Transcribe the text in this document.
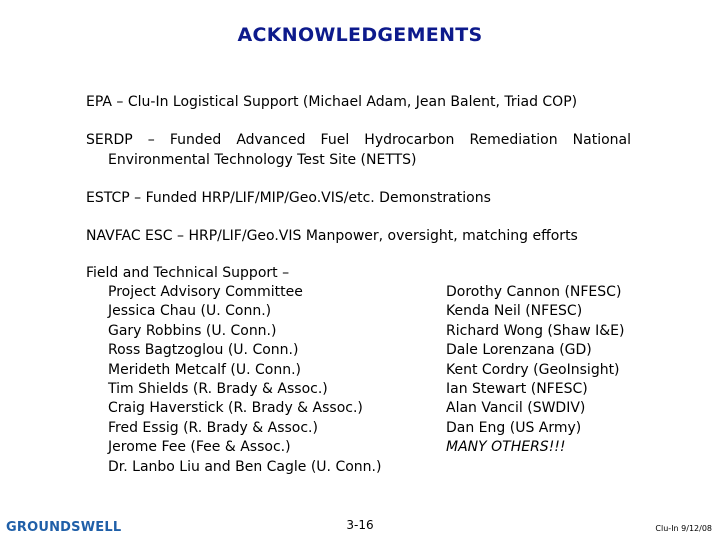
ACKNOWLEDGEMENTS
EPA – Clu-In Logistical Support (Michael Adam, Jean Balent, Triad COP)
SERDP – Funded Advanced Fuel Hydrocarbon Remediation National
Environmental Technology Test Site (NETTS)
ESTCP – Funded HRP/LIF/MIP/Geo.VIS/etc. Demonstrations
NAVFAC ESC – HRP/LIF/Geo.VIS Manpower, oversight, matching efforts
Field and Technical Support –
Project Advisory Committee
Jessica Chau (U. Conn.)
Gary Robbins (U. Conn.)
Ross Bagtzoglou (U. Conn.)
Merideth Metcalf (U. Conn.)
Tim Shields (R. Brady & Assoc.)
Craig Haverstick (R. Brady & Assoc.)
Fred Essig (R. Brady & Assoc.)
Jerome Fee (Fee & Assoc.)
Dr. Lanbo Liu and Ben Cagle (U. Conn.)
Dorothy Cannon (NFESC)
Kenda Neil (NFESC)
Richard Wong (Shaw I&E)
Dale Lorenzana (GD)
Kent Cordry (GeoInsight)
Ian Stewart (NFESC)
Alan Vancil (SWDIV)
Dan Eng (US Army)
MANY OTHERS!!!
GROUNDSWELL	3-16	Clu-In 9/12/08
